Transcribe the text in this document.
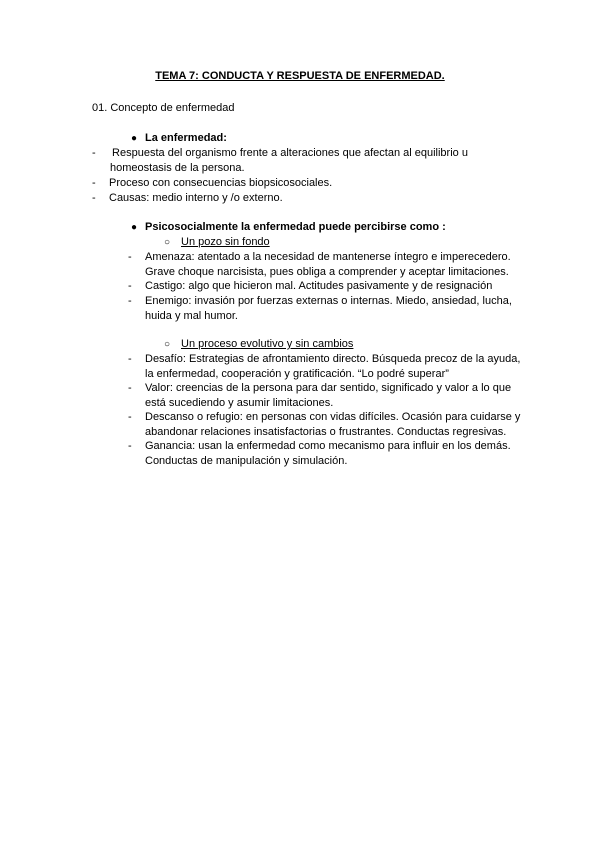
TEMA 7: CONDUCTA Y RESPUESTA DE ENFERMEDAD.
01. Concepto de enfermedad
● La enfermedad:
-	Respuesta del organismo frente a alteraciones que afectan al equilibrio u
homeostasis de la persona.
-	Proceso con consecuencias biopsicosociales.
-	Causas: medio interno y /o externo.
● Psicosocialmente la enfermedad puede percibirse como :
○ Un pozo sin fondo
-	Amenaza: atentado a la necesidad de mantenerse íntegro e imperecedero.
Grave choque narcisista, pues obliga a comprender y aceptar limitaciones.
-	Castigo: algo que hicieron mal. Actitudes pasivamente y de resignación
-	Enemigo: invasión por fuerzas externas o internas. Miedo, ansiedad, lucha,
huida y mal humor.
○ Un proceso evolutivo y sin cambios
-	Desafío: Estrategias de afrontamiento directo. Búsqueda precoz de la ayuda,
la enfermedad, cooperación y gratificación. “Lo podré superar”
-	Valor: creencias de la persona para dar sentido, significado y valor a lo que
está sucediendo y asumir limitaciones.
-	Descanso o refugio: en personas con vidas difíciles. Ocasión para cuidarse y
abandonar relaciones insatisfactorias o frustrantes. Conductas regresivas.
-	Ganancia: usan la enfermedad como mecanismo para influir en los demás.
Conductas de manipulación y simulación.
